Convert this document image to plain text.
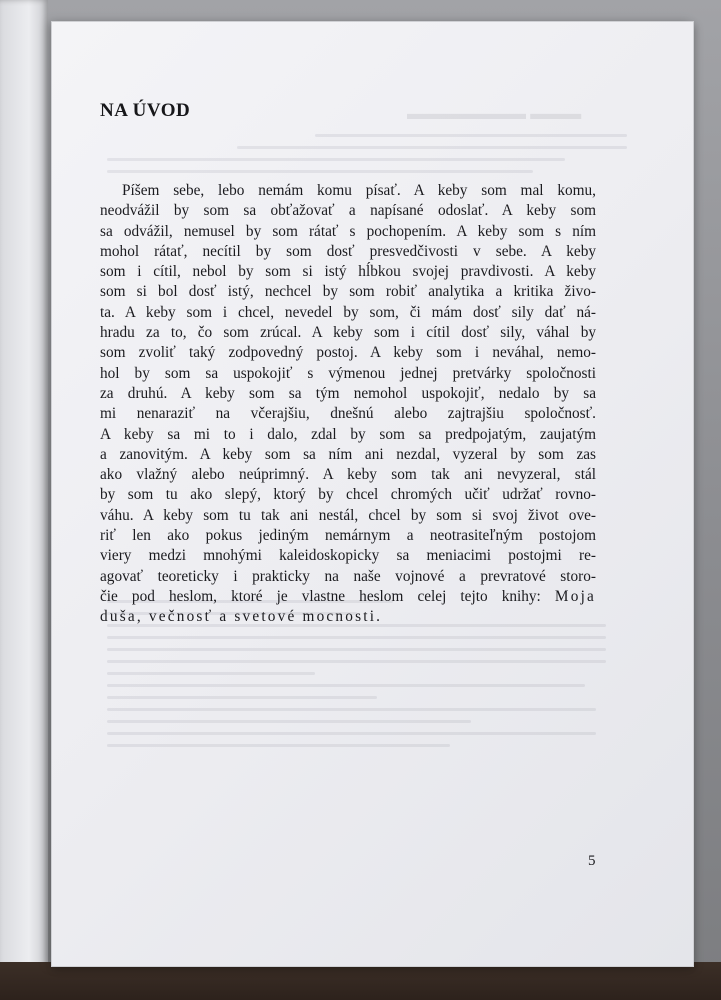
▬▬▬ ▬▬▬▬▬▬▬
NA ÚVOD
Píšem sebe, lebo nemám komu písať. A keby som mal komu,
neodvážil by som sa obťažovať a napísané odoslať. A keby som
sa odvážil, nemusel by som rátať s pochopením. A keby som s ním
mohol rátať, necítil by som dosť presvedčivosti v sebe. A keby
som i cítil, nebol by som si istý hĺbkou svojej pravdivosti. A keby
som si bol dosť istý, nechcel by som robiť analytika a kritika živo-
ta. A keby som i chcel, nevedel by som, či mám dosť sily dať ná-
hradu za to, čo som zrúcal. A keby som i cítil dosť sily, váhal by
som zvoliť taký zodpovedný postoj. A keby som i neváhal, nemo-
hol by som sa uspokojiť s výmenou jednej pretvárky spoločnosti
za druhú. A keby som sa tým nemohol uspokojiť, nedalo by sa
mi nenaraziť na včerajšiu, dnešnú alebo zajtrajšiu spoločnosť.
A keby sa mi to i dalo, zdal by som sa predpojatým, zaujatým
a zanovitým. A keby som sa ním ani nezdal, vyzeral by som zas
ako vlažný alebo neúprimný. A keby som tak ani nevyzeral, stál
by som tu ako slepý, ktorý by chcel chromých učiť udržať rovno-
váhu. A keby som tu tak ani nestál, chcel by som si svoj život ove-
riť len ako pokus jediným nemárnym a neotrasiteľným postojom
viery medzi mnohými kaleidoskopicky sa meniacimi postojmi re-
agovať teoreticky i prakticky na naše vojnové a prevratové storo-
čie pod heslom, ktoré je vlastne heslom celej tejto knihy: Moja
duša, večnosť a svetové mocnosti.
5
